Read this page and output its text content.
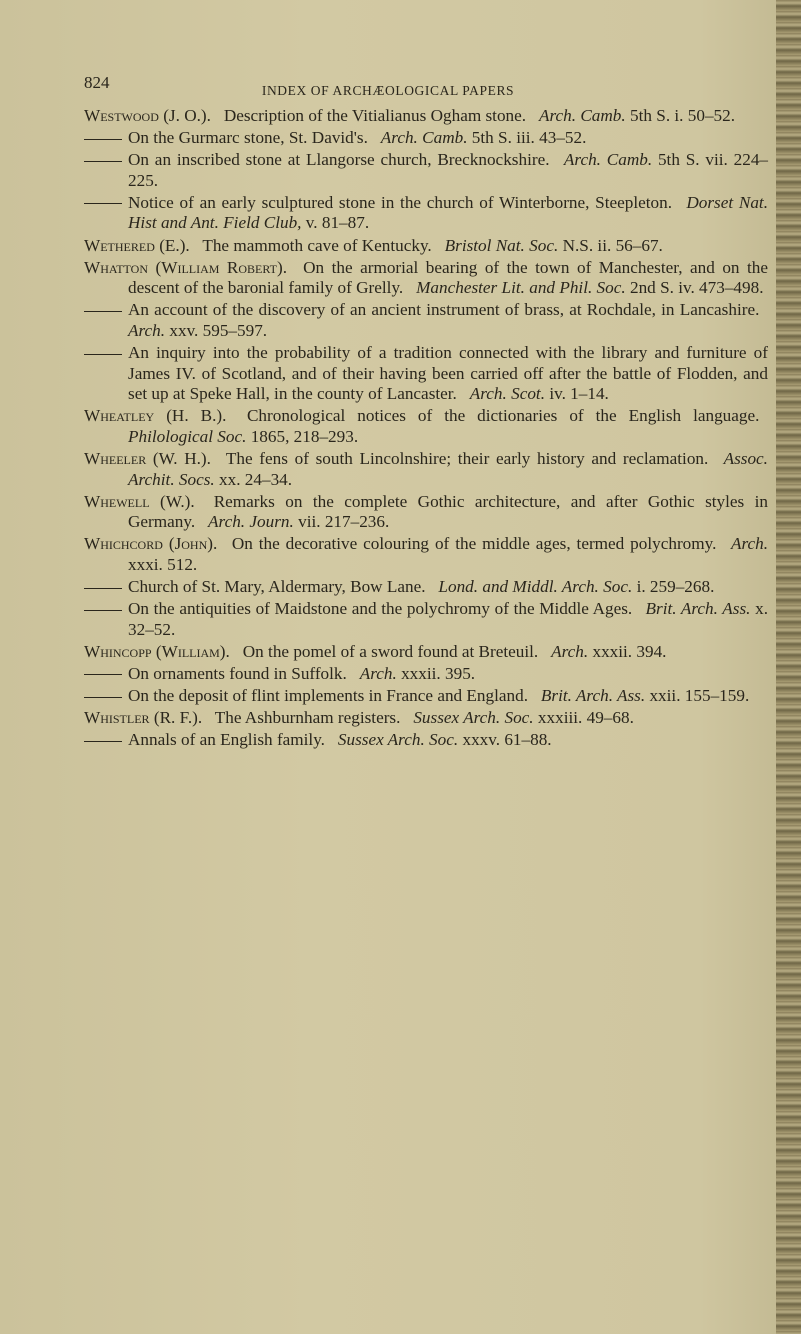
824	INDEX OF ARCHÆOLOGICAL PAPERS

Westwood (J. O.).  Description of the Vitialianus Ogham stone.  Arch. Camb. 5th S. i. 50–52.

On the Gurmarc stone, St. David's.  Arch. Camb. 5th S. iii. 43–52.

On an inscribed stone at Llangorse church, Brecknockshire.  Arch. Camb. 5th S. vii. 224–225.

Notice of an early sculptured stone in the church of Winterborne, Steepleton.  Dorset Nat. Hist and Ant. Field Club, v. 81–87.

Wethered (E.).  The mammoth cave of Kentucky.  Bristol Nat. Soc. N.S. ii. 56–67.

Whatton (William Robert).  On the armorial bearing of the town of Manchester, and on the descent of the baronial family of Grelly.  Manchester Lit. and Phil. Soc. 2nd S. iv. 473–498.

An account of the discovery of an ancient instrument of brass, at Rochdale, in Lancashire.  Arch. xxv. 595–597.

An inquiry into the probability of a tradition connected with the library and furniture of James IV. of Scotland, and of their having been carried off after the battle of Flodden, and set up at Speke Hall, in the county of Lancaster.  Arch. Scot. iv. 1–14.

Wheatley (H. B.).  Chronological notices of the dictionaries of the English language.  Philological Soc. 1865, 218–293.

Wheeler (W. H.).  The fens of south Lincolnshire; their early history and reclamation.  Assoc. Archit. Socs. xx. 24–34.

Whewell (W.).  Remarks on the complete Gothic architecture, and after Gothic styles in Germany.  Arch. Journ. vii. 217–236.

Whichcord (John).  On the decorative colouring of the middle ages, termed polychromy.  Arch. xxxi. 512.

Church of St. Mary, Aldermary, Bow Lane.  Lond. and Middl. Arch. Soc. i. 259–268.

On the antiquities of Maidstone and the polychromy of the Middle Ages.  Brit. Arch. Ass. x. 32–52.

Whincopp (William).  On the pomel of a sword found at Breteuil.  Arch. xxxii. 394.

On ornaments found in Suffolk.  Arch. xxxii. 395.

On the deposit of flint implements in France and England.  Brit. Arch. Ass. xxii. 155–159.

Whistler (R. F.).  The Ashburnham registers.  Sussex Arch. Soc. xxxiii. 49–68.

Annals of an English family.  Sussex Arch. Soc. xxxv. 61–88.
